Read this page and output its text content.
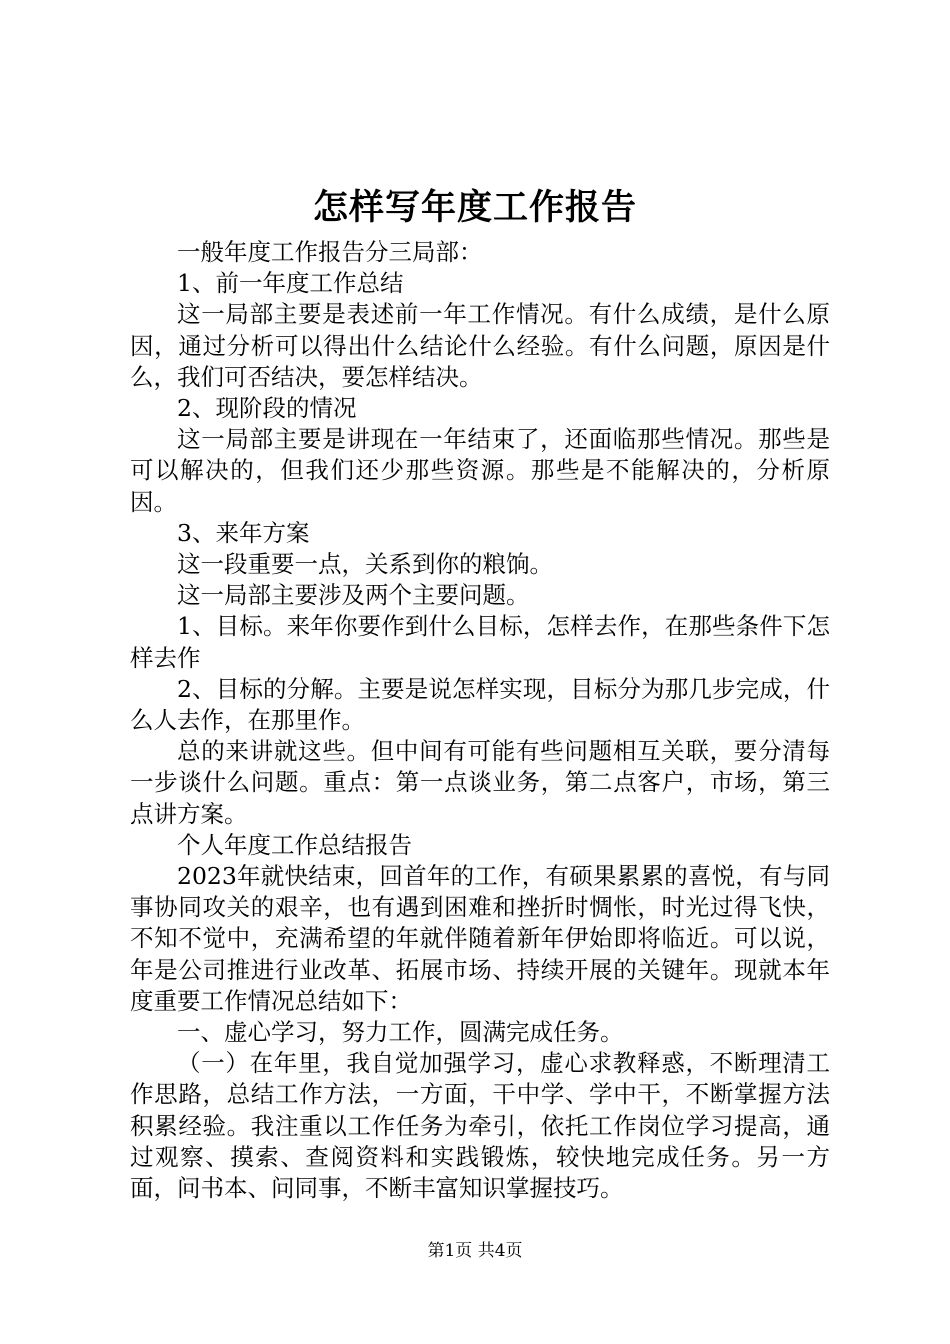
怎样写年度工作报告

一般年度工作报告分三局部：

1、前一年度工作总结

这一局部主要是表述前一年工作情况。有什么成绩，是什么原因，通过分析可以得出什么结论什么经验。有什么问题，原因是什么，我们可否结决，要怎样结决。

2、现阶段的情况

这一局部主要是讲现在一年结束了，还面临那些情况。那些是可以解决的，但我们还少那些资源。那些是不能解决的，分析原因。

3、来年方案

这一段重要一点，关系到你的粮饷。

这一局部主要涉及两个主要问题。

1、目标。来年你要作到什么目标，怎样去作，在那些条件下怎样去作

2、目标的分解。主要是说怎样实现，目标分为那几步完成，什么人去作，在那里作。

总的来讲就这些。但中间有可能有些问题相互关联，要分清每一步谈什么问题。重点：第一点谈业务，第二点客户，市场，第三点讲方案。

个人年度工作总结报告

2023年就快结束，回首年的工作，有硕果累累的喜悦，有与同事协同攻关的艰辛，也有遇到困难和挫折时惆怅，时光过得飞快，不知不觉中，充满希望的年就伴随着新年伊始即将临近。可以说，年是公司推进行业改革、拓展市场、持续开展的关键年。现就本年度重要工作情况总结如下：

一、虚心学习，努力工作，圆满完成任务。

（一）在年里，我自觉加强学习，虚心求教释惑，不断理清工作思路，总结工作方法，一方面，干中学、学中干，不断掌握方法积累经验。我注重以工作任务为牵引，依托工作岗位学习提高，通过观察、摸索、查阅资料和实践锻炼，较快地完成任务。另一方面，问书本、问同事，不断丰富知识掌握技巧。

第1页 共4页
